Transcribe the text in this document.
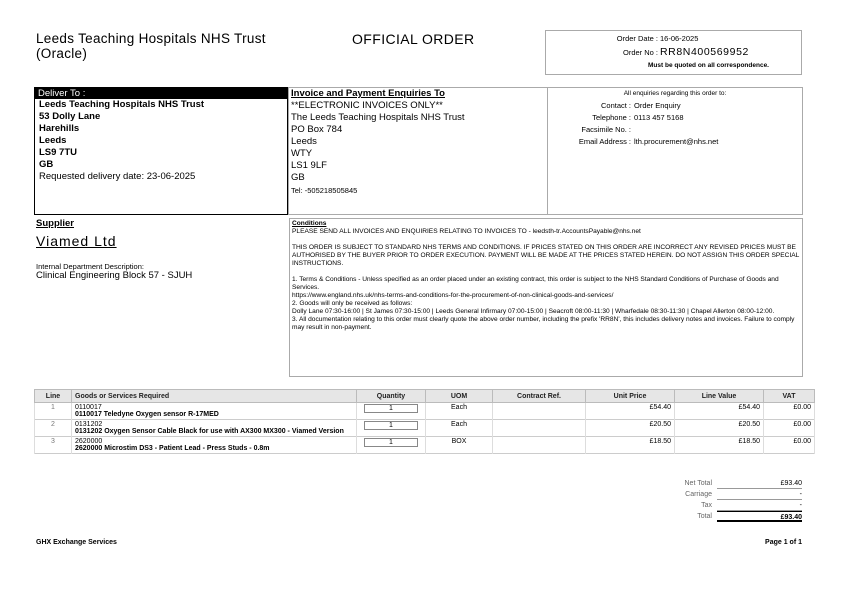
Leeds Teaching Hospitals NHS Trust (Oracle)
OFFICIAL ORDER	Order Date : 16-06-2025
Order No : RR8N400569952
Must be quoted on all correspondence.
Deliver To :
Leeds Teaching Hospitals NHS Trust
53 Dolly Lane
Harehills
Leeds
LS9 7TU
GB
Requested delivery date: 23-06-2025
Invoice and Payment Enquiries To
**ELECTRONIC INVOICES ONLY**
The Leeds Teaching Hospitals NHS Trust
PO Box 784
Leeds
WTY
LS1 9LF
GB
Tel: -505218505845
All enquiries regarding this order to:
Contact : Order Enquiry
Telephone : 0113 457 5168
Facsimile No. :
Email Address : lth.procurement@nhs.net
Supplier
Viamed Ltd
Internal Department Description:
Clinical Engineering Block 57 - SJUH
Conditions
PLEASE SEND ALL INVOICES AND ENQUIRIES RELATING TO INVOICES TO - leedsth-tr.AccountsPayable@nhs.net
THIS ORDER IS SUBJECT TO STANDARD NHS TERMS AND CONDITIONS. IF PRICES STATED ON THIS ORDER ARE INCORRECT ANY REVISED PRICES MUST BE AUTHORISED BY THE BUYER PRIOR TO ORDER EXECUTION. PAYMENT WILL BE MADE AT THE PRICES STATED HEREIN. DO NOT ASSIGN THIS ORDER SPECIAL INSTRUCTIONS.
1. Terms & Conditions - Unless specified as an order placed under an existing contract, this order is subject to the NHS Standard Conditions of Purchase of Goods and Services.
https://www.england.nhs.uk/nhs-terms-and-conditions-for-the-procurement-of-non-clinical-goods-and-services/
2. Goods will only be received as follows:
Dolly Lane 07:30-16:00 | St James 07:30-15:00 | Leeds General Infirmary 07:00-15:00 | Seacroft 08:00-11:30 | Wharfedale 08:30-11:30 | Chapel Allerton 08:00-12:00.
3. All documentation relating to this order must clearly quote the above order number, including the prefix 'RR8N', this includes delivery notes and invoices. Failure to comply may result in non-payment.
Line	Goods or Services Required	Quantity	UOM	Contract Ref.	Unit Price	Line Value	VAT
1	0110017
0110017 Teledyne Oxygen sensor R-17MED	1	Each		£54.40	£54.40	£0.00
2	0131202
0131202 Oxygen Sensor Cable Black for use with AX300 MX300 - Viamed Version	1	Each		£20.50	£20.50	£0.00
3	2620000
2620000 Microstim DS3 - Patient Lead - Press Studs - 0.8m	1	BOX		£18.50	£18.50	£0.00
Net Total	£93.40
Carriage	-
Tax	-
Total	£93.40
GHX Exchange Services	Page 1 of 1
